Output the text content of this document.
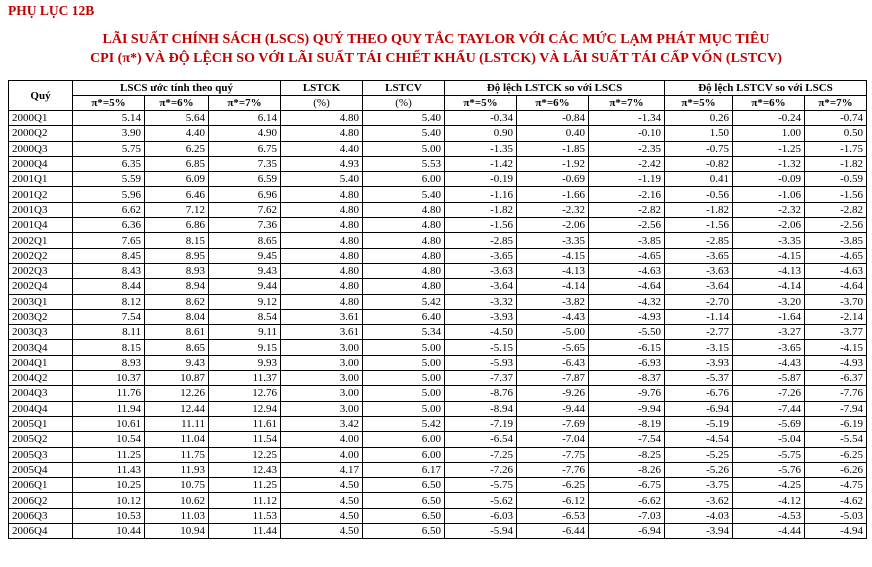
PHỤ LỤC 12B
LÃI SUẤT CHÍNH SÁCH (LSCS) QUÝ THEO QUY TẮC TAYLOR VỚI CÁC MỨC LẠM PHÁT MỤC TIÊU
CPI (π*) VÀ ĐỘ LỆCH SO VỚI LÃI SUẤT TÁI CHIẾT KHẤU (LSTCK) VÀ LÃI SUẤT TÁI CẤP VỐN (LSTCV)
Quý	LSCS ước tính theo quý			LSTCK	LSTCV	Độ lệch LSTCK so với LSCS			Độ lệch LSTCV so với LSCS		
	π*=5%	π*=6%	π*=7%	(%)	(%)	π*=5%	π*=6%	π*=7%	π*=5%	π*=6%	π*=7%
2000Q1	5.14	5.64	6.14	4.80	5.40	-0.34	-0.84	-1.34	0.26	-0.24	-0.74
2000Q2	3.90	4.40	4.90	4.80	5.40	0.90	0.40	-0.10	1.50	1.00	0.50
2000Q3	5.75	6.25	6.75	4.40	5.00	-1.35	-1.85	-2.35	-0.75	-1.25	-1.75
2000Q4	6.35	6.85	7.35	4.93	5.53	-1.42	-1.92	-2.42	-0.82	-1.32	-1.82
2001Q1	5.59	6.09	6.59	5.40	6.00	-0.19	-0.69	-1.19	0.41	-0.09	-0.59
2001Q2	5.96	6.46	6.96	4.80	5.40	-1.16	-1.66	-2.16	-0.56	-1.06	-1.56
2001Q3	6.62	7.12	7.62	4.80	4.80	-1.82	-2.32	-2.82	-1.82	-2.32	-2.82
2001Q4	6.36	6.86	7.36	4.80	4.80	-1.56	-2.06	-2.56	-1.56	-2.06	-2.56
2002Q1	7.65	8.15	8.65	4.80	4.80	-2.85	-3.35	-3.85	-2.85	-3.35	-3.85
2002Q2	8.45	8.95	9.45	4.80	4.80	-3.65	-4.15	-4.65	-3.65	-4.15	-4.65
2002Q3	8.43	8.93	9.43	4.80	4.80	-3.63	-4.13	-4.63	-3.63	-4.13	-4.63
2002Q4	8.44	8.94	9.44	4.80	4.80	-3.64	-4.14	-4.64	-3.64	-4.14	-4.64
2003Q1	8.12	8.62	9.12	4.80	5.42	-3.32	-3.82	-4.32	-2.70	-3.20	-3.70
2003Q2	7.54	8.04	8.54	3.61	6.40	-3.93	-4.43	-4.93	-1.14	-1.64	-2.14
2003Q3	8.11	8.61	9.11	3.61	5.34	-4.50	-5.00	-5.50	-2.77	-3.27	-3.77
2003Q4	8.15	8.65	9.15	3.00	5.00	-5.15	-5.65	-6.15	-3.15	-3.65	-4.15
2004Q1	8.93	9.43	9.93	3.00	5.00	-5.93	-6.43	-6.93	-3.93	-4.43	-4.93
2004Q2	10.37	10.87	11.37	3.00	5.00	-7.37	-7.87	-8.37	-5.37	-5.87	-6.37
2004Q3	11.76	12.26	12.76	3.00	5.00	-8.76	-9.26	-9.76	-6.76	-7.26	-7.76
2004Q4	11.94	12.44	12.94	3.00	5.00	-8.94	-9.44	-9.94	-6.94	-7.44	-7.94
2005Q1	10.61	11.11	11.61	3.42	5.42	-7.19	-7.69	-8.19	-5.19	-5.69	-6.19
2005Q2	10.54	11.04	11.54	4.00	6.00	-6.54	-7.04	-7.54	-4.54	-5.04	-5.54
2005Q3	11.25	11.75	12.25	4.00	6.00	-7.25	-7.75	-8.25	-5.25	-5.75	-6.25
2005Q4	11.43	11.93	12.43	4.17	6.17	-7.26	-7.76	-8.26	-5.26	-5.76	-6.26
2006Q1	10.25	10.75	11.25	4.50	6.50	-5.75	-6.25	-6.75	-3.75	-4.25	-4.75
2006Q2	10.12	10.62	11.12	4.50	6.50	-5.62	-6.12	-6.62	-3.62	-4.12	-4.62
2006Q3	10.53	11.03	11.53	4.50	6.50	-6.03	-6.53	-7.03	-4.03	-4.53	-5.03
2006Q4	10.44	10.94	11.44	4.50	6.50	-5.94	-6.44	-6.94	-3.94	-4.44	-4.94
